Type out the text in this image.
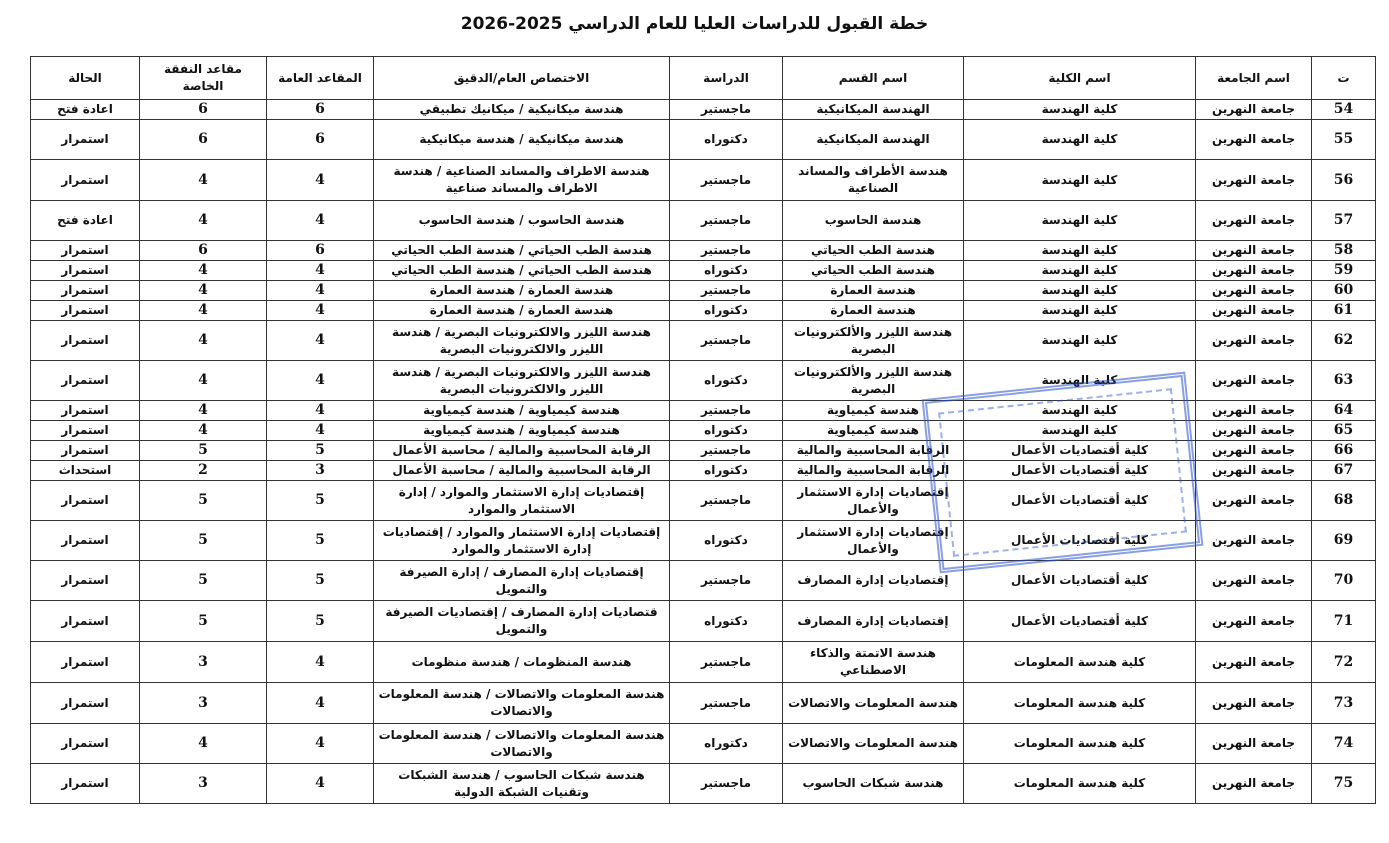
خطة القبول للدراسات العليا للعام الدراسي 2025-2026
ت	اسم الجامعة	اسم الكلية	اسم القسم	الدراسة	الاختصاص العام/الدقيق	المقاعد العامة	مقاعد النفقة الخاصة	الحالة
54	جامعة النهرين	كلية الهندسة	الهندسة الميكانيكية	ماجستير	هندسة ميكانيكية / ميكانيك تطبيقي	6	6	اعادة فتح
55	جامعة النهرين	كلية الهندسة	الهندسة الميكانيكية	دكتوراه	هندسة ميكانيكية / هندسة ميكانيكية	6	6	استمرار
56	جامعة النهرين	كلية الهندسة	هندسة الأطراف والمساند الصناعية	ماجستير	هندسة الاطراف والمساند الصناعية / هندسة الاطراف والمساند صناعية	4	4	استمرار
57	جامعة النهرين	كلية الهندسة	هندسة الحاسوب	ماجستير	هندسة الحاسوب / هندسة الحاسوب	4	4	اعادة فتح
58	جامعة النهرين	كلية الهندسة	هندسة الطب الحياتي	ماجستير	هندسة الطب الحياتي / هندسة الطب الحياتي	6	6	استمرار
59	جامعة النهرين	كلية الهندسة	هندسة الطب الحياتي	دكتوراه	هندسة الطب الحياتي / هندسة الطب الحياتي	4	4	استمرار
60	جامعة النهرين	كلية الهندسة	هندسة العمارة	ماجستير	هندسة العمارة / هندسة العمارة	4	4	استمرار
61	جامعة النهرين	كلية الهندسة	هندسة العمارة	دكتوراه	هندسة العمارة / هندسة العمارة	4	4	استمرار
62	جامعة النهرين	كلية الهندسة	هندسة الليزر والألكترونيات البصرية	ماجستير	هندسة الليزر والالكترونيات البصرية / هندسة الليزر والالكترونيات البصرية	4	4	استمرار
63	جامعة النهرين	كلية الهندسة	هندسة الليزر والألكترونيات البصرية	دكتوراه	هندسة الليزر والالكترونيات البصرية / هندسة الليزر والالكترونيات البصرية	4	4	استمرار
64	جامعة النهرين	كلية الهندسة	هندسة كيمياوية	ماجستير	هندسة كيمياوية / هندسة كيمياوية	4	4	استمرار
65	جامعة النهرين	كلية الهندسة	هندسة كيمياوية	دكتوراه	هندسة كيمياوية / هندسة كيمياوية	4	4	استمرار
66	جامعة النهرين	كلية أقتصاديات الأعمال	الرقابة المحاسبية والمالية	ماجستير	الرقابة المحاسبية والمالية / محاسبة الأعمال	5	5	استمرار
67	جامعة النهرين	كلية أقتصاديات الأعمال	الرقابة المحاسبية والمالية	دكتوراه	الرقابة المحاسبية والمالية / محاسبة الأعمال	3	2	استحداث
68	جامعة النهرين	كلية أقتصاديات الأعمال	إقتصاديات إدارة الاستثمار والأعمال	ماجستير	إقتصاديات إدارة الاستثمار والموارد / إدارة الاستثمار والموارد	5	5	استمرار
69	جامعة النهرين	كلية أقتصاديات الأعمال	إقتصاديات إدارة الاستثمار والأعمال	دكتوراه	إقتصاديات إدارة الاستثمار والموارد / إقتصاديات إدارة الاستثمار والموارد	5	5	استمرار
70	جامعة النهرين	كلية أقتصاديات الأعمال	إقتصاديات إدارة المصارف	ماجستير	إقتصاديات إدارة المصارف / إدارة الصيرفة والتمويل	5	5	استمرار
71	جامعة النهرين	كلية أقتصاديات الأعمال	إقتصاديات إدارة المصارف	دكتوراه	قتصاديات إدارة المصارف / إقتصاديات الصيرفة والتمويل	5	5	استمرار
72	جامعة النهرين	كلية هندسة المعلومات	هندسة الاتمتة والذكاء الاصطناعي	ماجستير	هندسة المنظومات / هندسة منظومات	4	3	استمرار
73	جامعة النهرين	كلية هندسة المعلومات	هندسة المعلومات والاتصالات	ماجستير	هندسة المعلومات والاتصالات / هندسة المعلومات والاتصالات	4	3	استمرار
74	جامعة النهرين	كلية هندسة المعلومات	هندسة المعلومات والاتصالات	دكتوراه	هندسة المعلومات والاتصالات / هندسة المعلومات والاتصالات	4	4	استمرار
75	جامعة النهرين	كلية هندسة المعلومات	هندسة شبكات الحاسوب	ماجستير	هندسة شبكات الحاسوب / هندسة الشبكات وتقنيات الشبكة الدولية	4	3	استمرار
